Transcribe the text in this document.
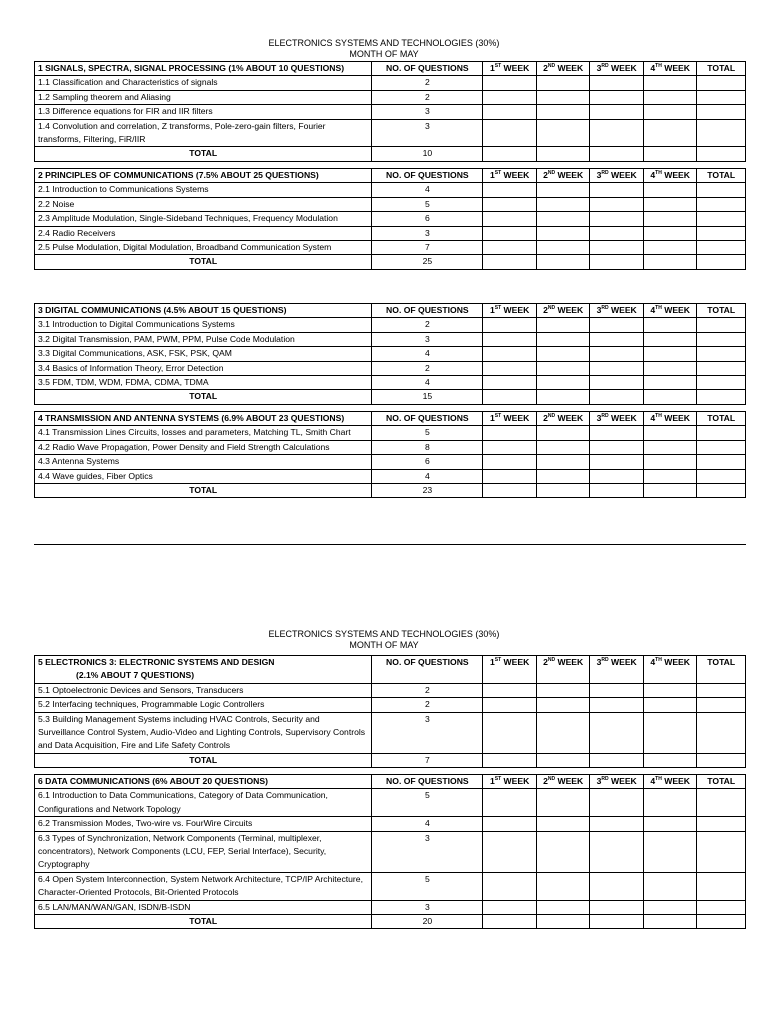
ELECTRONICS SYSTEMS AND TECHNOLOGIES (30%)
MONTH OF MAY
1 SIGNALS, SPECTRA, SIGNAL PROCESSING (1% ABOUT 10 QUESTIONS)	NO. OF QUESTIONS	1ST WEEK	2ND WEEK	3RD WEEK	4TH WEEK	TOTAL
1.1 Classification and Characteristics of signals	2					
1.2 Sampling theorem and Aliasing	2					
1.3 Difference equations for FIR and IIR filters	3					
1.4 Convolution and correlation, Z transforms, Pole-zero-gain filters, Fourier transforms, Filtering, FiR/IIR	3					
TOTAL	10					
2 PRINCIPLES OF COMMUNICATIONS (7.5% ABOUT 25 QUESTIONS)	NO. OF QUESTIONS	1ST WEEK	2ND WEEK	3RD WEEK	4TH WEEK	TOTAL
2.1 Introduction to Communications Systems	4					
2.2 Noise	5					
2.3 Amplitude Modulation, Single-Sideband Techniques, Frequency Modulation	6					
2.4 Radio Receivers	3					
2.5 Pulse Modulation, Digital Modulation, Broadband Communication System	7					
TOTAL	25					
3 DIGITAL COMMUNICATIONS (4.5% ABOUT 15 QUESTIONS)	NO. OF QUESTIONS	1ST WEEK	2ND WEEK	3RD WEEK	4TH WEEK	TOTAL
3.1 Introduction to Digital Communications Systems	2					
3.2 Digital Transmission, PAM, PWM, PPM, Pulse Code Modulation	3					
3.3 Digital Communications, ASK, FSK, PSK, QAM	4					
3.4 Basics of Information Theory, Error Detection	2					
3.5 FDM, TDM, WDM, FDMA, CDMA, TDMA	4					
TOTAL	15					
4 TRANSMISSION AND ANTENNA SYSTEMS (6.9% ABOUT 23 QUESTIONS)	NO. OF QUESTIONS	1ST WEEK	2ND WEEK	3RD WEEK	4TH WEEK	TOTAL
4.1 Transmission Lines Circuits, losses and parameters, Matching TL, Smith Chart	5					
4.2 Radio Wave Propagation, Power Density and Field Strength Calculations	8					
4.3 Antenna Systems	6					
4.4 Wave guides, Fiber Optics	4					
TOTAL	23					
ELECTRONICS SYSTEMS AND TECHNOLOGIES (30%)
MONTH OF MAY
5 ELECTRONICS 3: ELECTRONIC SYSTEMS AND DESIGN
(2.1% ABOUT 7 QUESTIONS)	NO. OF QUESTIONS	1ST WEEK	2ND WEEK	3RD WEEK	4TH WEEK	TOTAL
5.1 Optoelectronic Devices and Sensors, Transducers	2					
5.2 Interfacing techniques, Programmable Logic Controllers	2					
5.3 Building Management Systems including HVAC Controls, Security and Surveillance Control System, Audio-Video and Lighting Controls, Supervisory Controls and Data Acquisition, Fire and Life Safety Controls	3					
TOTAL	7					
6 DATA COMMUNICATIONS (6% ABOUT 20 QUESTIONS)	NO. OF QUESTIONS	1ST WEEK	2ND WEEK	3RD WEEK	4TH WEEK	TOTAL
6.1 Introduction to Data Communications, Category of Data Communication, Configurations and Network Topology	5					
6.2 Transmission Modes, Two-wire vs. FourWire Circuits	4					
6.3 Types of Synchronization, Network Components (Terminal, multiplexer, concentrators), Network Components (LCU, FEP, Serial Interface), Security, Cryptography	3					
6.4 Open System Interconnection, System Network Architecture, TCP/IP Architecture, Character-Oriented Protocols, Bit-Oriented Protocols	5					
6.5 LAN/MAN/WAN/GAN, ISDN/B-ISDN	3					
TOTAL	20					
